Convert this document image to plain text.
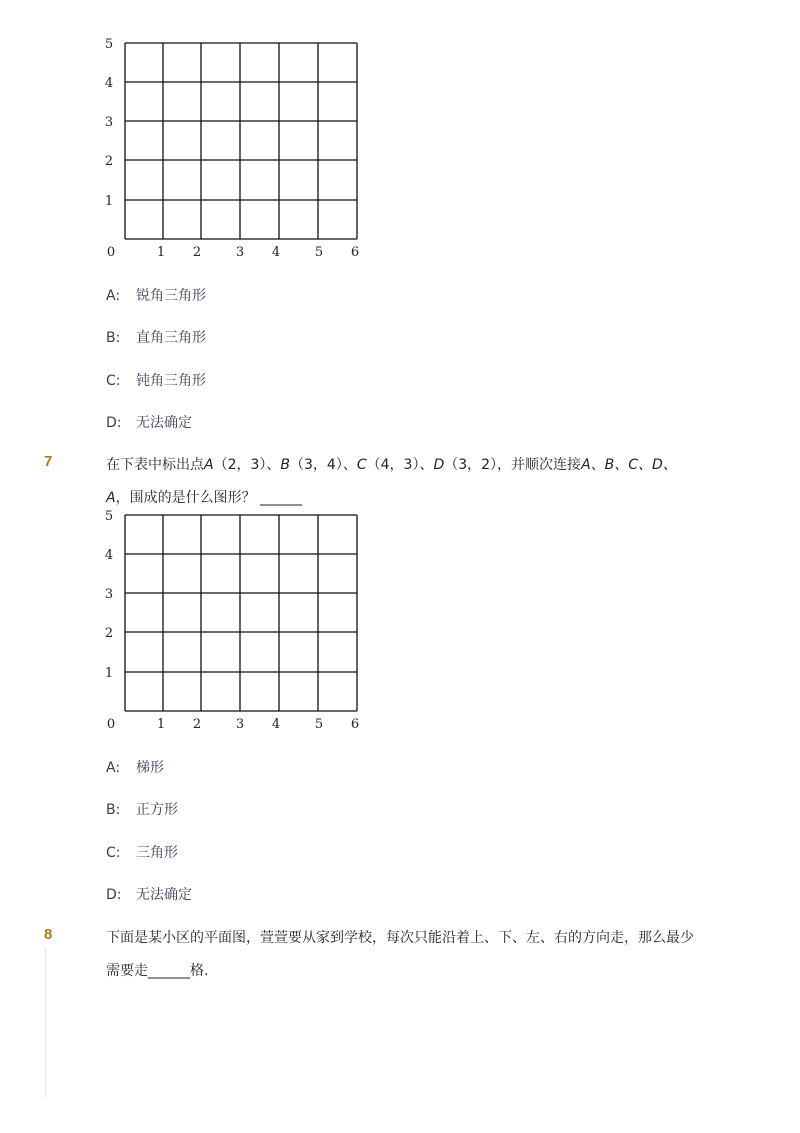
5
4
3
2
1
0	1 2	3 4	5 6
A: 锐角三角形
B: 直角三角形
C: 钝角三角形
D: 无法确定
7	在下表中标出点A（2，3）、B（3，4）、C（4，3）、D（3，2），并顺次连接A、B、C、D、
A，围成的是什么图形？ ______
5
4
3
2
1
0	1 2	3 4	5 6
A: 梯形
B: 正方形
C: 三角形
D: 无法确定
8	下面是某小区的平面图，萱萱要从家到学校，每次只能沿着上、下、左、右的方向走，那么最少
需要走______格.
